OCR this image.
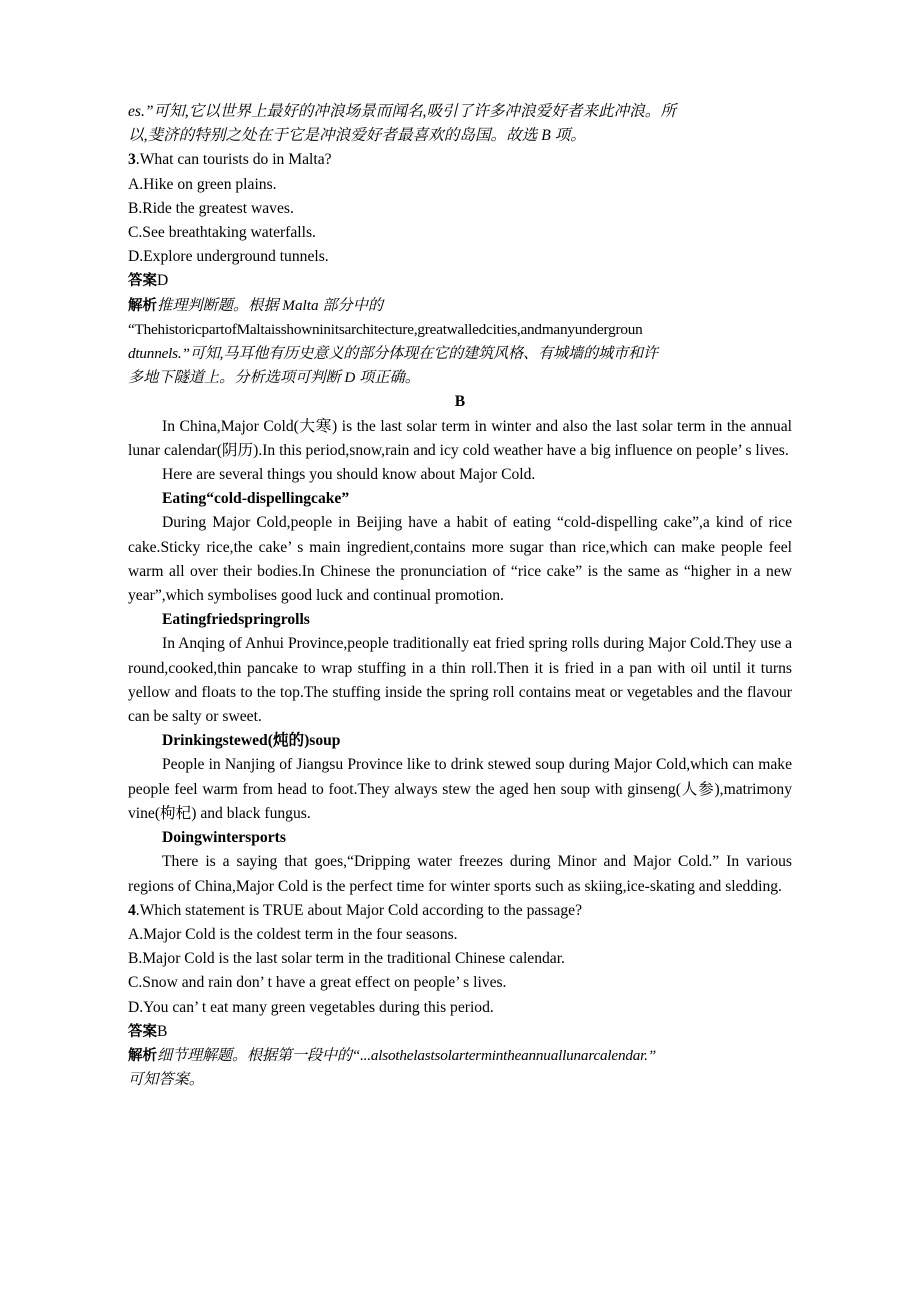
es.”可知,它以世界上最好的冲浪场景而闻名,吸引了许多冲浪爱好者来此冲浪。所
以,斐济的特别之处在于它是冲浪爱好者最喜欢的岛国。故选 B 项。
3.What can tourists do in Malta?
A.Hike on green plains.
B.Ride the greatest waves.
C.See breathtaking waterfalls.
D.Explore underground tunnels.
答案D
解析推理判断题。根据 Malta 部分中的
“ThehistoricpartofMaltaisshowninitsarchitecture,greatwalledcities,andmanyundergroun
dtunnels.”可知,马耳他有历史意义的部分体现在它的建筑风格、有城墙的城市和许
多地下隧道上。分析选项可判断 D 项正确。
B

In China,Major Cold(大寒) is the last solar term in winter and also the last solar term in the annual lunar calendar(阴历).In this period,snow,rain and icy cold weather have a big influence on people’ s lives.

Here are several things you should know about Major Cold.

Eating“cold-dispellingcake”

During Major Cold,people in Beijing have a habit of eating “cold-dispelling cake”,a kind of rice cake.Sticky rice,the cake’ s main ingredient,contains more sugar than rice,which can make people feel warm all over their bodies.In Chinese the pronunciation of “rice cake” is the same as “higher in a new year”,which symbolises good luck and continual promotion.

Eatingfriedspringrolls

In Anqing of Anhui Province,people traditionally eat fried spring rolls during Major Cold.They use a round,cooked,thin pancake to wrap stuffing in a thin roll.Then it is fried in a pan with oil until it turns yellow and floats to the top.The stuffing inside the spring roll contains meat or vegetables and the flavour can be salty or sweet.

Drinkingstewed(炖的)soup

People in Nanjing of Jiangsu Province like to drink stewed soup during Major Cold,which can make people feel warm from head to foot.They always stew the aged hen soup with ginseng(人参),matrimony vine(枸杞) and black fungus.

Doingwintersports

There is a saying that goes,“Dripping water freezes during Minor and Major Cold.” In various regions of China,Major Cold is the perfect time for winter sports such as skiing,ice-skating and sledding.

4.Which statement is TRUE about Major Cold according to the passage?
A.Major Cold is the coldest term in the four seasons.
B.Major Cold is the last solar term in the traditional Chinese calendar.
C.Snow and rain don’ t have a great effect on people’ s lives.
D.You can’ t eat many green vegetables during this period.
答案B
解析细节理解题。根据第一段中的“...alsothelastsolartermintheannuallunarcalendar.”
可知答案。
